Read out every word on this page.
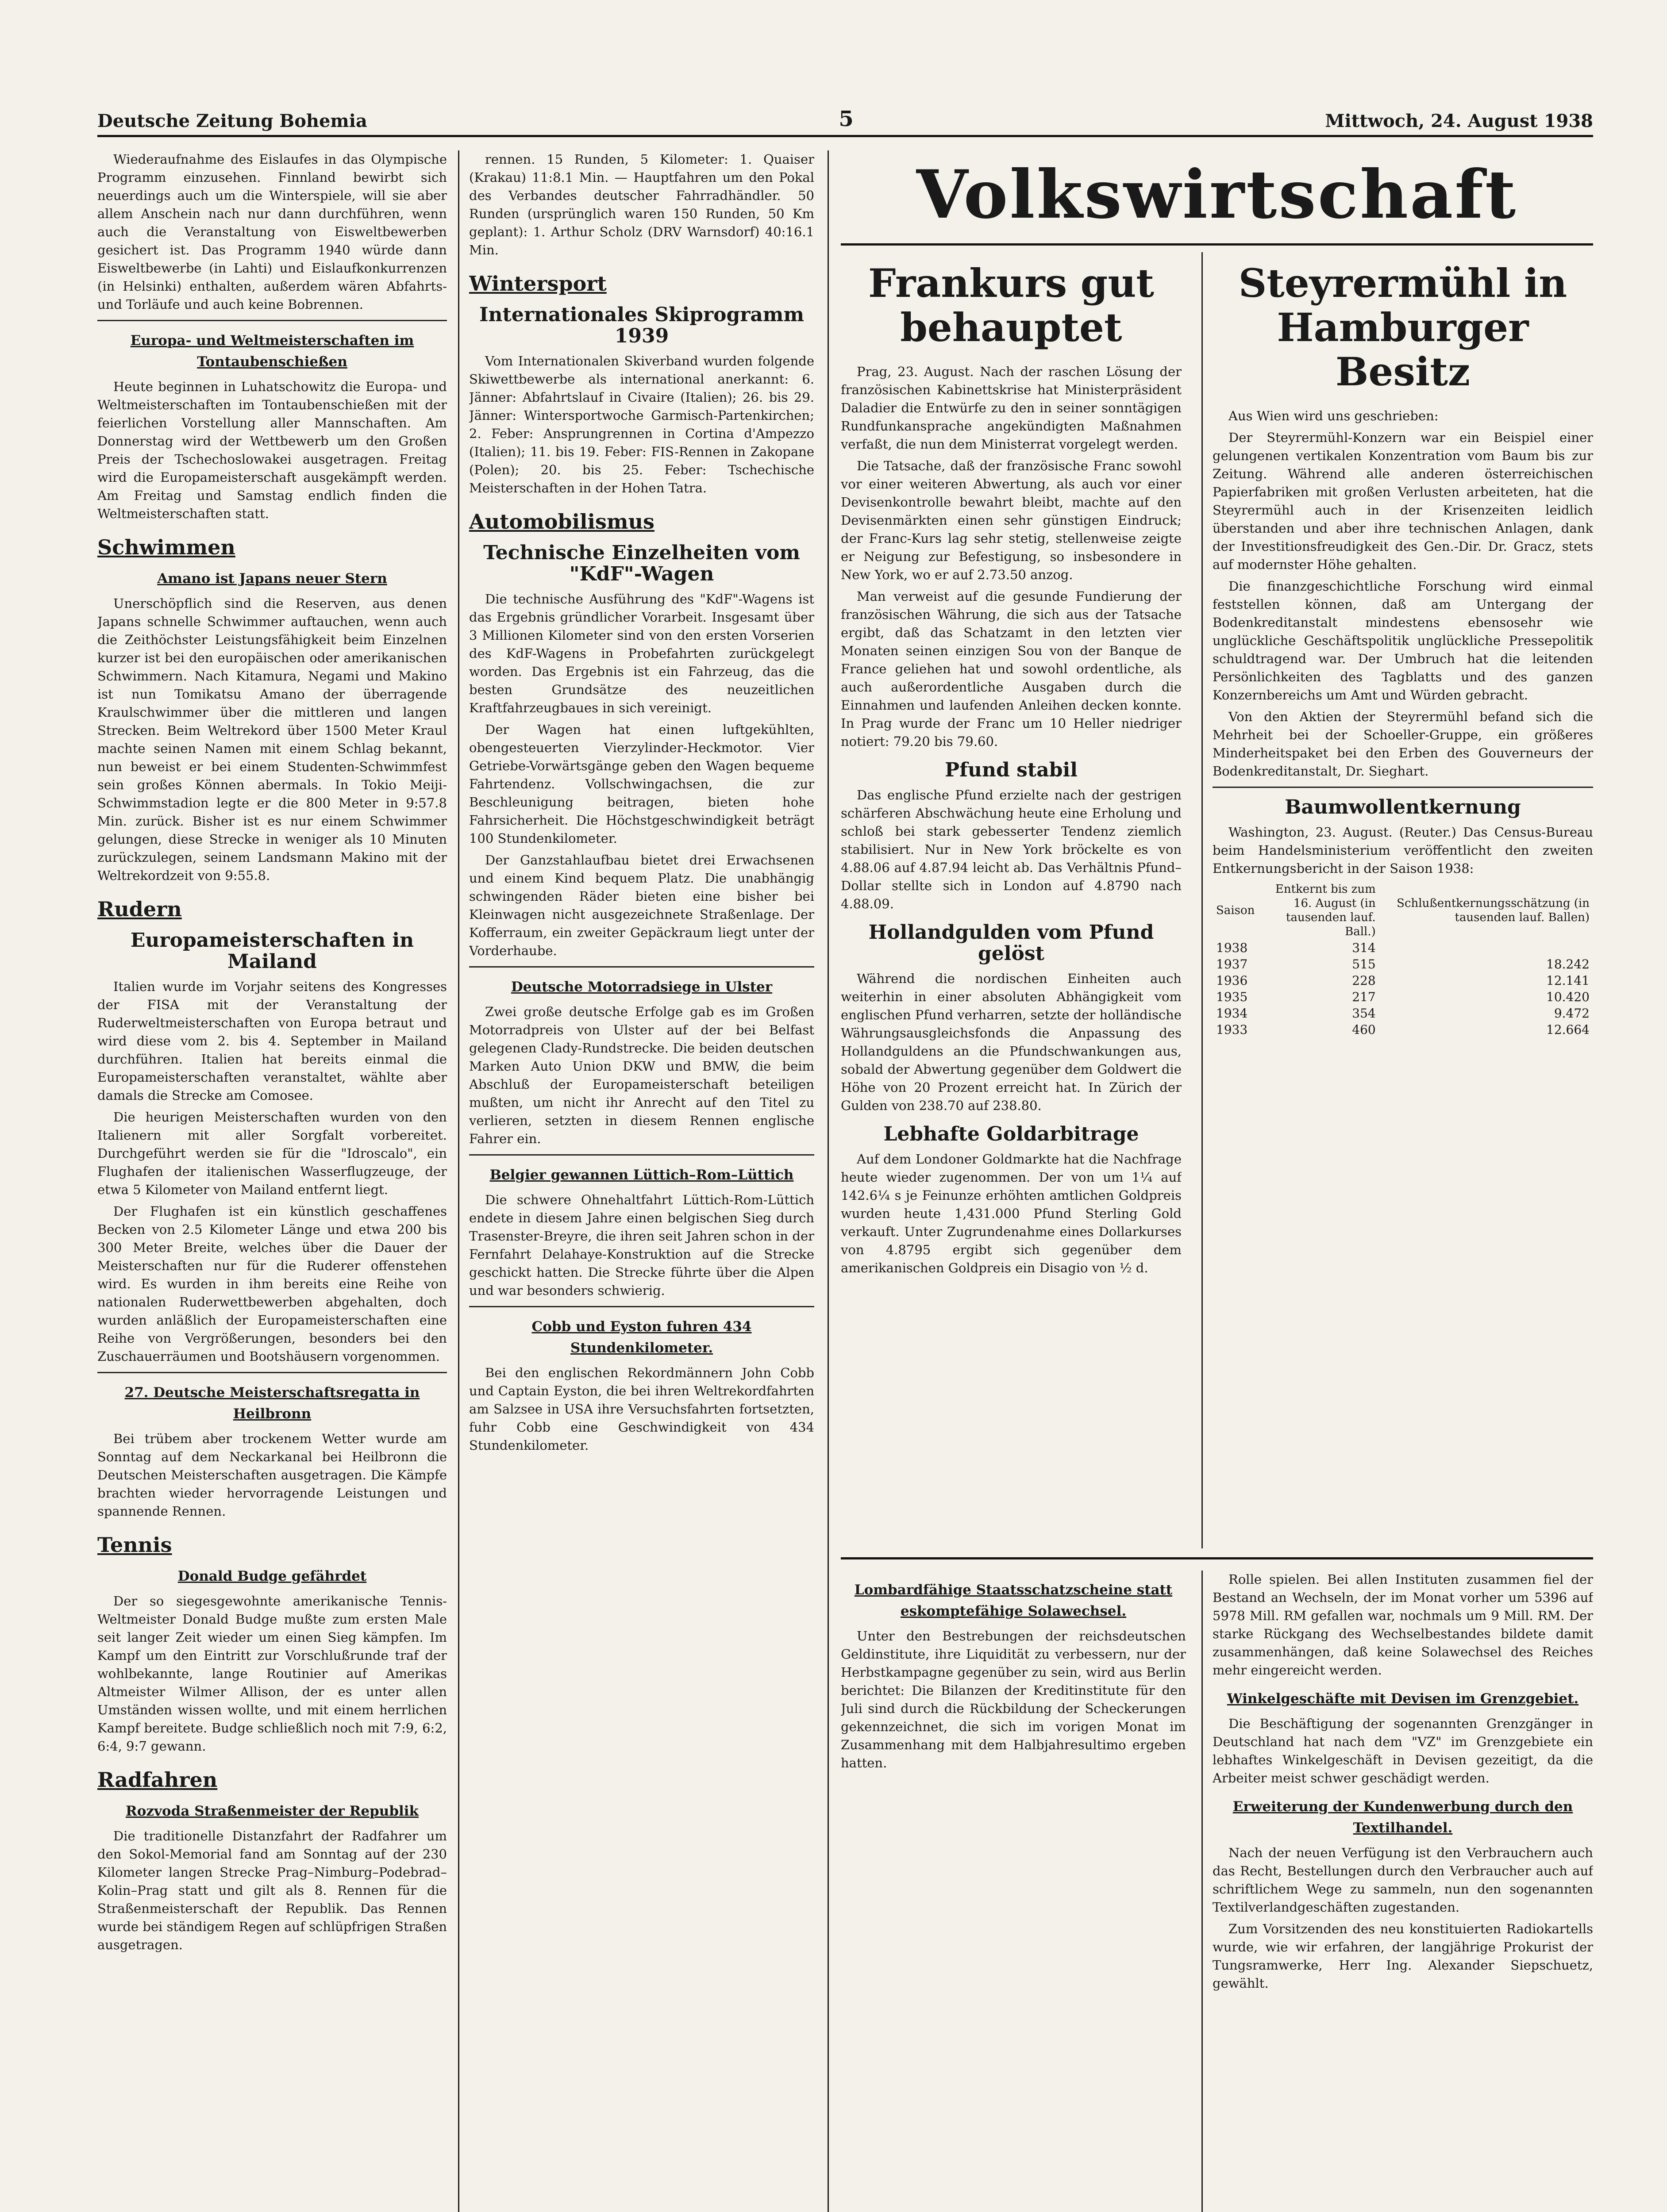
Deutsche Zeitung Bohemia	5	Mittwoch, 24. August 1938

Wiederaufnahme des Eislaufes in das Olympische Programm einzusehen. Finnland bewirbt sich neuerdings auch um die Winterspiele, will sie aber allem Anschein nach nur dann durchführen, wenn auch die Veranstaltung von Eisweltbewerben gesichert ist. Das Programm 1940 würde dann Eisweltbewerbe (in Lahti) und Eislaufkonkurrenzen (in Helsinki) enthalten, außerdem wären Abfahrts- und Torläufe und auch keine Bobrennen.

Europa- und Weltmeisterschaften im Tontaubenschießen

Heute beginnen in Luhatschowitz die Europa- und Weltmeisterschaften im Tontaubenschießen mit der feierlichen Vorstellung aller Mannschaften. Am Donnerstag wird der Wettbewerb um den Großen Preis der Tschechoslowakei ausgetragen. Freitag wird die Europameisterschaft ausgekämpft werden. Am Freitag und Samstag endlich finden die Weltmeisterschaften statt.

Schwimmen
Amano ist Japans neuer Stern

Unerschöpflich sind die Reserven, aus denen Japans schnelle Schwimmer auftauchen, wenn auch die Zeithöchster Leistungsfähigkeit beim Einzelnen kurzer ist bei den europäischen oder amerikanischen Schwimmern. Nach Kitamura, Negami und Makino ist nun Tomikatsu Amano der überragende Kraulschwimmer über die mittleren und langen Strecken. Beim Weltrekord über 1500 Meter Kraul machte seinen Namen mit einem Schlag bekannt, nun beweist er bei einem Studenten-Schwimmfest sein großes Können abermals. In Tokio Meiji-Schwimmstadion legte er die 800 Meter in 9:57.8 Min. zurück. Bisher ist es nur einem Schwimmer gelungen, diese Strecke in weniger als 10 Minuten zurückzulegen, seinem Landsmann Makino mit der Weltrekordzeit von 9:55.8.

Rudern
Europameisterschaften in Mailand

Italien wurde im Vorjahr seitens des Kongresses der FISA mit der Veranstaltung der Ruderweltmeisterschaften von Europa betraut und wird diese vom 2. bis 4. September in Mailand durchführen. Italien hat bereits einmal die Europameisterschaften veranstaltet, wählte aber damals die Strecke am Comosee.

Die heurigen Meisterschaften wurden von den Italienern mit aller Sorgfalt vorbereitet. Durchgeführt werden sie für die "Idroscalo", ein Flughafen der italienischen Wasserflugzeuge, der etwa 5 Kilometer von Mailand entfernt liegt.

Der Flughafen ist ein künstlich geschaffenes Becken von 2.5 Kilometer Länge und etwa 200 bis 300 Meter Breite, welches über die Dauer der Meisterschaften nur für die Ruderer offenstehen wird. Es wurden in ihm bereits eine Reihe von nationalen Ruderwettbewerben abgehalten, doch wurden anläßlich der Europameisterschaften eine Reihe von Vergrößerungen, besonders bei den Zuschauerräumen und Bootshäusern vorgenommen.

27. Deutsche Meisterschaftsregatta in Heilbronn

Bei trübem aber trockenem Wetter wurde am Sonntag auf dem Neckarkanal bei Heilbronn die Deutschen Meisterschaften ausgetragen. Die Kämpfe brachten wieder hervorragende Leistungen und spannende Rennen.

Tennis
Donald Budge gefährdet

Der so siegesgewohnte amerikanische Tennis-Weltmeister Donald Budge mußte zum ersten Male seit langer Zeit wieder um einen Sieg kämpfen. Im Kampf um den Eintritt zur Vorschlußrunde traf der wohlbekannte, lange Routinier auf Amerikas Altmeister Wilmer Allison, der es unter allen Umständen wissen wollte, und mit einem herrlichen Kampf bereitete. Budge schließlich noch mit 7:9, 6:2, 6:4, 9:7 gewann.

Radfahren
Rozvoda Straßenmeister der Republik

Die traditionelle Distanzfahrt der Radfahrer um den Sokol-Memorial fand am Sonntag auf der 230 Kilometer langen Strecke Prag–Nimburg–Podebrad–Kolin–Prag statt und gilt als 8. Rennen für die Straßenmeisterschaft der Republik. Das Rennen wurde bei ständigem Regen auf schlüpfrigen Straßen ausgetragen.

rennen. 15 Runden, 5 Kilometer: 1. Quaiser (Krakau) 11:8.1 Min. — Hauptfahren um den Pokal des Verbandes deutscher Fahrradhändler. 50 Runden (ursprünglich waren 150 Runden, 50 Km geplant): 1. Arthur Scholz (DRV Warnsdorf) 40:16.1 Min.

Wintersport
Internationales Skiprogramm 1939

Vom Internationalen Skiverband wurden folgende Skiwettbewerbe als international anerkannt: 6. Jänner: Abfahrtslauf in Civaire (Italien); 26. bis 29. Jänner: Wintersportwoche Garmisch-Partenkirchen; 2. Feber: Ansprungrennen in Cortina d'Ampezzo (Italien); 11. bis 19. Feber: FIS-Rennen in Zakopane (Polen); 20. bis 25. Feber: Tschechische Meisterschaften in der Hohen Tatra.

Automobilismus
Technische Einzelheiten vom "KdF"-Wagen

Die technische Ausführung des "KdF"-Wagens ist das Ergebnis gründlicher Vorarbeit. Insgesamt über 3 Millionen Kilometer sind von den ersten Vorserien des KdF-Wagens in Probefahrten zurückgelegt worden. Das Ergebnis ist ein Fahrzeug, das die besten Grundsätze des neuzeitlichen Kraftfahrzeugbaues in sich vereinigt.

Der Wagen hat einen luftgekühlten, obengesteuerten Vierzylinder-Heckmotor. Vier Getriebe-Vorwärtsgänge geben den Wagen bequeme Fahrtendenz. Vollschwingachsen, die zur Beschleunigung beitragen, bieten hohe Fahrsicherheit. Die Höchstgeschwindigkeit beträgt 100 Stundenkilometer.

Der Ganzstahlaufbau bietet drei Erwachsenen und einem Kind bequem Platz. Die unabhängig schwingenden Räder bieten eine bisher bei Kleinwagen nicht ausgezeichnete Straßenlage. Der Kofferraum, ein zweiter Gepäckraum liegt unter der Vorderhaube.

Deutsche Motorradsiege in Ulster

Zwei große deutsche Erfolge gab es im Großen Motorradpreis von Ulster auf der bei Belfast gelegenen Clady-Rundstrecke. Die beiden deutschen Marken Auto Union DKW und BMW, die beim Abschluß der Europameisterschaft beteiligen mußten, um nicht ihr Anrecht auf den Titel zu verlieren, setzten in diesem Rennen englische Fahrer ein.

Belgier gewannen Lüttich–Rom–Lüttich

Die schwere Ohnehaltfahrt Lüttich-Rom-Lüttich endete in diesem Jahre einen belgischen Sieg durch Trasenster-Breyre, die ihren seit Jahren schon in der Fernfahrt Delahaye-Konstruktion auf die Strecke geschickt hatten. Die Strecke führte über die Alpen und war besonders schwierig.

Cobb und Eyston fuhren 434 Stundenkilometer.

Bei den englischen Rekordmännern John Cobb und Captain Eyston, die bei ihren Weltrekordfahrten am Salzsee in USA ihre Versuchsfahrten fortsetzten, fuhr Cobb eine Geschwindigkeit von 434 Stundenkilometer.

Volkswirtschaft
Frankurs gut behauptet

Prag, 23. August. Nach der raschen Lösung der französischen Kabinettskrise hat Ministerpräsident Daladier die Entwürfe zu den in seiner sonntägigen Rundfunkansprache angekündigten Maßnahmen verfaßt, die nun dem Ministerrat vorgelegt werden.

Die Tatsache, daß der französische Franc sowohl vor einer weiteren Abwertung, als auch vor einer Devisenkontrolle bewahrt bleibt, machte auf den Devisenmärkten einen sehr günstigen Eindruck; der Franc-Kurs lag sehr stetig, stellenweise zeigte er Neigung zur Befestigung, so insbesondere in New York, wo er auf 2.73.50 anzog.

Man verweist auf die gesunde Fundierung der französischen Währung, die sich aus der Tatsache ergibt, daß das Schatzamt in den letzten vier Monaten seinen einzigen Sou von der Banque de France geliehen hat und sowohl ordentliche, als auch außerordentliche Ausgaben durch die Einnahmen und laufenden Anleihen decken konnte. In Prag wurde der Franc um 10 Heller niedriger notiert: 79.20 bis 79.60.

Pfund stabil

Das englische Pfund erzielte nach der gestrigen schärferen Abschwächung heute eine Erholung und schloß bei stark gebesserter Tendenz ziemlich stabilisiert. Nur in New York bröckelte es von 4.88.06 auf 4.87.94 leicht ab. Das Verhältnis Pfund–Dollar stellte sich in London auf 4.8790 nach 4.88.09.

Hollandgulden vom Pfund gelöst

Während die nordischen Einheiten auch weiterhin in einer absoluten Abhängigkeit vom englischen Pfund verharren, setzte der holländische Währungsausgleichsfonds die Anpassung des Hollandguldens an die Pfundschwankungen aus, sobald der Abwertung gegenüber dem Goldwert die Höhe von 20 Prozent erreicht hat. In Zürich der Gulden von 238.70 auf 238.80.

Lebhafte Goldarbitrage

Auf dem Londoner Goldmarkte hat die Nachfrage heute wieder zugenommen. Der von um 1¼ auf 142.6¼ s je Feinunze erhöhten amtlichen Goldpreis wurden heute 1,431.000 Pfund Sterling Gold verkauft. Unter Zugrundenahme eines Dollarkurses von 4.8795 ergibt sich gegenüber dem amerikanischen Goldpreis ein Disagio von ½ d.

Steyrermühl in Hamburger Besitz

Aus Wien wird uns geschrieben:

Der Steyrermühl-Konzern war ein Beispiel einer gelungenen vertikalen Konzentration vom Baum bis zur Zeitung. Während alle anderen österreichischen Papierfabriken mit großen Verlusten arbeiteten, hat die Steyrermühl auch in der Krisenzeiten leidlich überstanden und aber ihre technischen Anlagen, dank der Investitionsfreudigkeit des Gen.-Dir. Dr. Gracz, stets auf modernster Höhe gehalten.

Die finanzgeschichtliche Forschung wird einmal feststellen können, daß am Untergang der Bodenkreditanstalt mindestens ebensosehr wie unglückliche Geschäftspolitik unglückliche Pressepolitik schuldtragend war. Der Umbruch hat die leitenden Persönlichkeiten des Tagblatts und des ganzen Konzernbereichs um Amt und Würden gebracht.

Von den Aktien der Steyrermühl befand sich die Mehrheit bei der Schoeller-Gruppe, ein größeres Minderheitspaket bei den Erben des Gouverneurs der Bodenkreditanstalt, Dr. Sieghart.

Baumwollentkernung

Washington, 23. August. (Reuter.) Das Census-Bureau beim Handelsministerium veröffentlicht den zweiten Entkernungsbericht in der Saison 1938:

Saison	Entkernt bis zum 16. August (in tausenden lauf. Ball.)	Schlußentkernungsschätzung (in tausenden lauf. Ballen)
1938	314	
1937	515	18.242
1936	228	12.141
1935	217	10.420
1934	354	9.472
1933	460	12.664
Lombardfähige Staatsschatzscheine statt eskomptefähige Solawechsel.

Unter den Bestrebungen der reichsdeutschen Geldinstitute, ihre Liquidität zu verbessern, nur der Herbstkampagne gegenüber zu sein, wird aus Berlin berichtet: Die Bilanzen der Kreditinstitute für den Juli sind durch die Rückbildung der Scheckerungen gekennzeichnet, die sich im vorigen Monat im Zusammenhang mit dem Halbjahresultimo ergeben hatten.

Rolle spielen. Bei allen Instituten zusammen fiel der Bestand an Wechseln, der im Monat vorher um 5396 auf 5978 Mill. RM gefallen war, nochmals um 9 Mill. RM. Der starke Rückgang des Wechselbestandes bildete damit zusammenhängen, daß keine Solawechsel des Reiches mehr eingereicht werden.

Winkelgeschäfte mit Devisen im Grenzgebiet.

Die Beschäftigung der sogenannten Grenzgänger in Deutschland hat nach dem "VZ" im Grenzgebiete ein lebhaftes Winkelgeschäft in Devisen gezeitigt, da die Arbeiter meist schwer geschädigt werden.

Erweiterung der Kundenwerbung durch den Textilhandel.

Nach der neuen Verfügung ist den Verbrauchern auch das Recht, Bestellungen durch den Verbraucher auch auf schriftlichem Wege zu sammeln, nun den sogenannten Textilverlandgeschäften zugestanden.

Zum Vorsitzenden des neu konstituierten Radiokartells wurde, wie wir erfahren, der langjährige Prokurist der Tungsramwerke, Herr Ing. Alexander Siepschuetz, gewählt.
